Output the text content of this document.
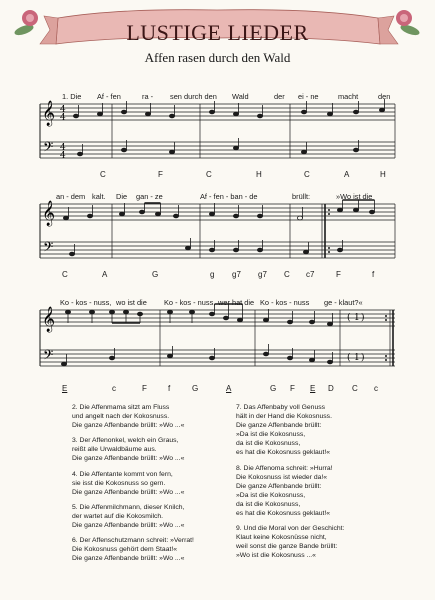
LUSTIGE LIEDER
Affen rasen durch den Wald
𝄞
𝄢
4
4
4
4
1. Die Af - fen	ra - sen durch den Wald	der ei - ne	macht	den
C	F	C	H	C	A	H
𝄞
𝄢
an - dem kalt. Die gan - ze	Af - fen - ban - de	brüllt:	»Wo ist die
C	A	G	g g7 g7 C c7	F	f
𝄞
𝄢
( 1 )
( 1 )
Ko - kos - nuss, wo ist die Ko - kos - nuss, wer hat die Ko - kos - nuss ge - klaut?«
E	c	F	f	G	A	G F E D C c
2. Die Affenmama sitzt am Fluss
und angelt nach der Kokosnuss.
Die ganze Affenbande brüllt: »Wo ...«
3. Der Affenonkel, welch ein Graus,
reißt alle Urwaldbäume aus.
Die ganze Affenbande brüllt: »Wo ...«
4. Die Affentante kommt von fern,
sie isst die Kokosnuss so gern.
Die ganze Affenbande brüllt: »Wo ...«
5. Die Affenmilchmann, dieser Knilch,
der wartet auf die Kokosmilch.
Die ganze Affenbande brüllt: »Wo ...«
6. Der Affenschutzmann schreit: »Verrat!
Die Kokosnuss gehört dem Staat!«
Die ganze Affenbande brüllt: »Wo ...«
7. Das Affenbaby voll Genuss
hält in der Hand die Kokosnuss.
Die ganze Affenbande brüllt:
»Da ist die Kokosnuss,
da ist die Kokosnuss,
es hat die Kokosnuss geklaut!«
8. Die Affenoma schreit: »Hurra!
Die Kokosnuss ist wieder da!«
Die ganze Affenbande brüllt:
»Da ist die Kokosnuss,
da ist die Kokosnuss,
es hat die Kokosnuss geklaut!«
9. Und die Moral von der Geschicht:
Klaut keine Kokosnüsse nicht,
weil sonst die ganze Bande brüllt:
»Wo ist die Kokosnuss ...«
